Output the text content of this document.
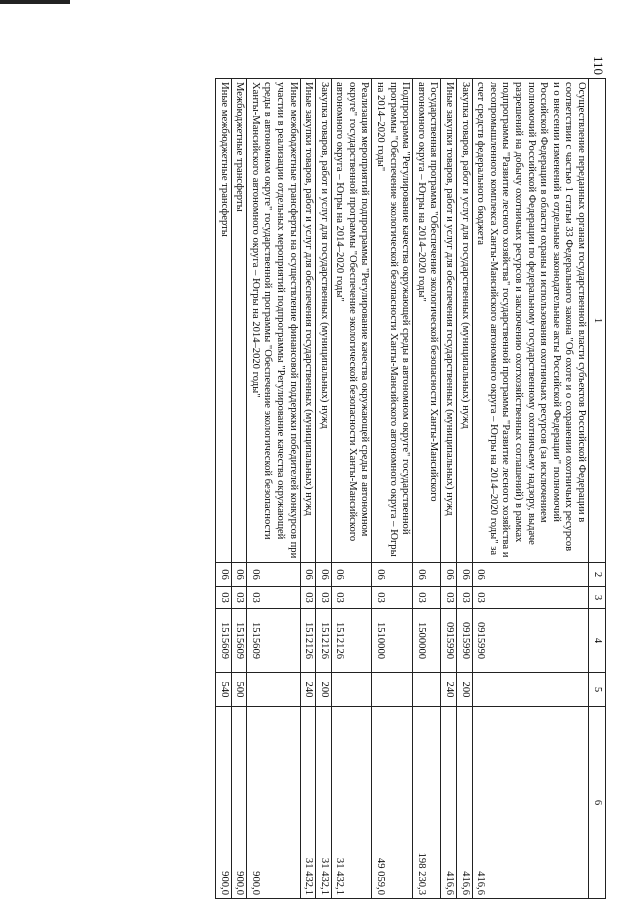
110
1	2	3	4	5	6
Осуществление переданных органам государственной власти субъектов Российской Федерации в соответствии с частью 1 статьи 33 Федерального закона "Об охоте и о сохранении охотничьих ресурсов и о внесении изменений в отдельные законодательные акты Российской Федерации" полномочий Российской Федерации в области охраны и использования охотничьих ресурсов (за исключением полномочий Российской Федерации по федеральному государственному охотничьему надзору, выдаче разрешений на добычу охотничьих ресурсов и заключению охотхозяйственных соглашений) в рамках подпрограммы "Развитие лесного хозяйства" государственной программы "Развитие лесного хозяйства и лесопромышленного комплекса Ханты-Мансийского автономного округа – Югры на 2014–2020 годы" за счет средств федерального бюджета	06	03	0915990		416,6
Закупка товаров, работ и услуг для государственных (муниципальных) нужд	06	03	0915990	200	416,6
Иные закупки товаров, работ и услуг для обеспечения государственных (муниципальных) нужд	06	03	0915990	240	416,6
Государственная программа "Обеспечение экологической безопасности Ханты-Мансийского автономного округа – Югры на 2014–2020 годы"	06	03	1500000		198 230,3
Подпрограмма "Регулирование качества окружающей среды в автономном округе" государственной программы "Обеспечение экологической безопасности Ханты-Мансийского автономного округа – Югры на 2014–2020 годы"	06	03	1510000		49 059,0
Реализация мероприятий подпрограммы "Регулирование качества окружающей среды в автономном округе" государственной программы "Обеспечение экологической безопасности Ханты-Мансийского автономного округа – Югры на 2014–2020 годы"	06	03	1512126		31 432,1
Закупка товаров, работ и услуг для государственных (муниципальных) нужд	06	03	1512126	200	31 432,1
Иные закупки товаров, работ и услуг для обеспечения государственных (муниципальных) нужд	06	03	1512126	240	31 432,1
Иные межбюджетные трансферты на осуществление финансовой поддержки победителей конкурсов при участии в реализации отдельных мероприятий подпрограммы "Регулирование качества окружающей среды в автономном округе" государственной программы "Обеспечение экологической безопасности Ханты-Мансийского автономного округа – Югры на 2014–2020 годы"	06	03	1515609		900,0
Межбюджетные трансферты	06	03	1515609	500	900,0
Иные межбюджетные трансферты	06	03	1515609	540	900,0
